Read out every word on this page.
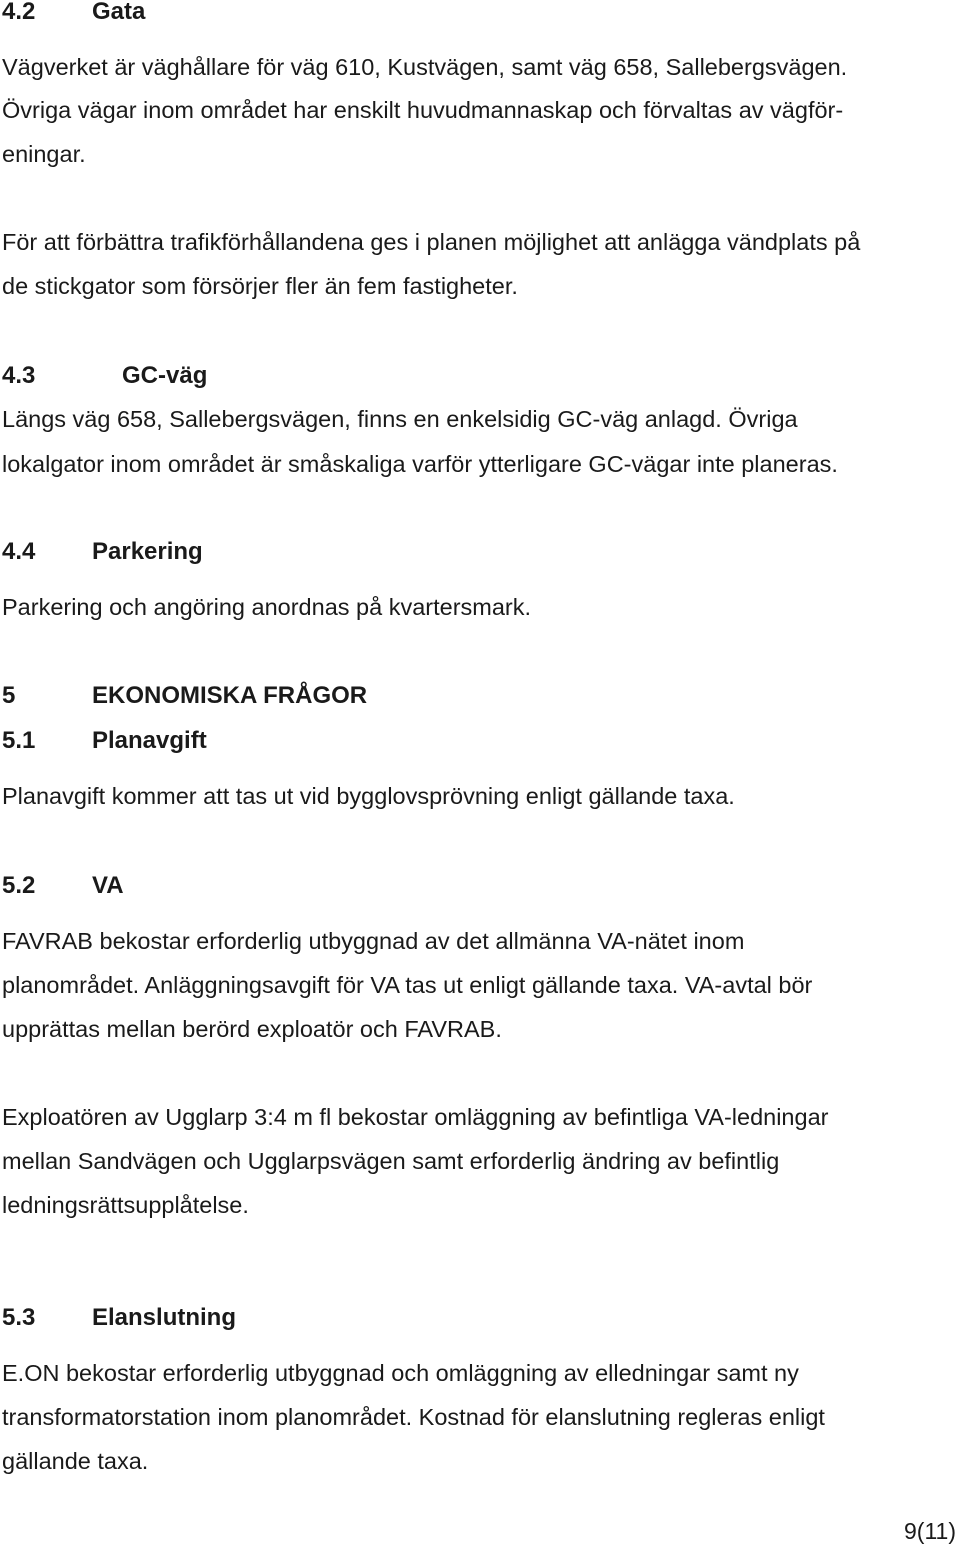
4.2 Gata
Vägverket är väghållare för väg 610, Kustvägen, samt väg 658, Sallebergsvägen.
Övriga vägar inom området har enskilt huvudmannaskap och förvaltas av vägför-
eningar.
För att förbättra trafikförhållandena ges i planen möjlighet att anlägga vändplats på
de stickgator som försörjer fler än fem fastigheter.
4.3	GC-väg
Längs väg 658, Sallebergsvägen, finns en enkelsidig GC-väg anlagd. Övriga
lokalgator inom området är småskaliga varför ytterligare GC-vägar inte planeras.
4.4 Parkering
Parkering och angöring anordnas på kvartersmark.
5	EKONOMISKA FRÅGOR
5.1 Planavgift
Planavgift kommer att tas ut vid bygglovsprövning enligt gällande taxa.
5.2 VA
FAVRAB bekostar erforderlig utbyggnad av det allmänna VA-nätet inom
planområdet. Anläggningsavgift för VA tas ut enligt gällande taxa. VA-avtal bör
upprättas mellan berörd exploatör och FAVRAB.
Exploatören av Ugglarp 3:4 m fl bekostar omläggning av befintliga VA-ledningar
mellan Sandvägen och Ugglarpsvägen samt erforderlig ändring av befintlig
ledningsrättsupplåtelse.
5.3 Elanslutning
E.ON bekostar erforderlig utbyggnad och omläggning av elledningar samt ny
transformatorstation inom planområdet. Kostnad för elanslutning regleras enligt
gällande taxa.
9(11)
